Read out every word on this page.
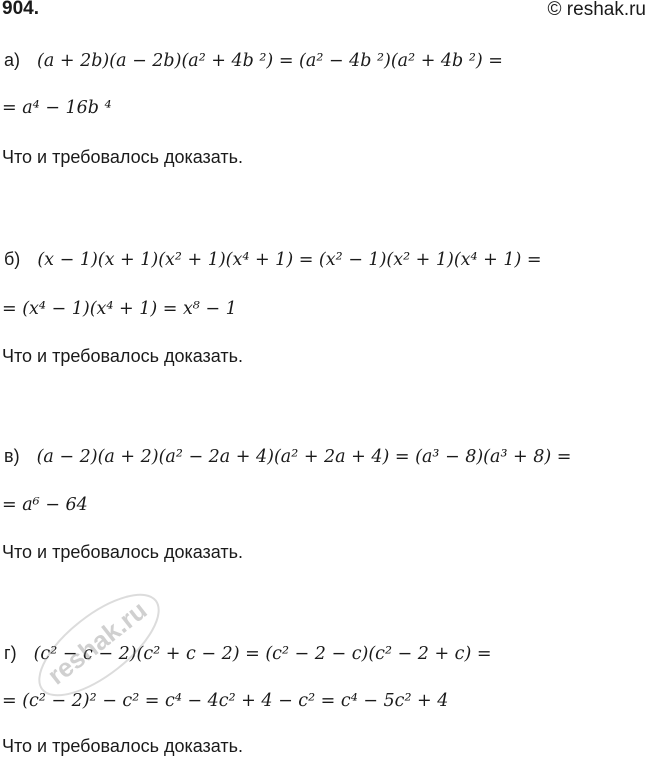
904.	© reshak.ru
а) (a + 2b)(a − 2b)(a² + 4b ²) = (a² − 4b ²)(a² + 4b ²) =
= a⁴ − 16b ⁴
Что и требовалось доказать.
б) (x − 1)(x + 1)(x² + 1)(x⁴ + 1) = (x² − 1)(x² + 1)(x⁴ + 1) =
= (x⁴ − 1)(x⁴ + 1) = x⁸ − 1
Что и требовалось доказать.
в) (a − 2)(a + 2)(a² − 2a + 4)(a² + 2a + 4) = (a³ − 8)(a³ + 8) =
= a⁶ − 64
Что и требовалось доказать.
г) (c² − c − 2)(c² + c − 2) = (c² − 2 − c)(c² − 2 + c) =
= (c² − 2)² − c² = c⁴ − 4c² + 4 − c² = c⁴ − 5c² + 4
Что и требовалось доказать.
reshak.ru
